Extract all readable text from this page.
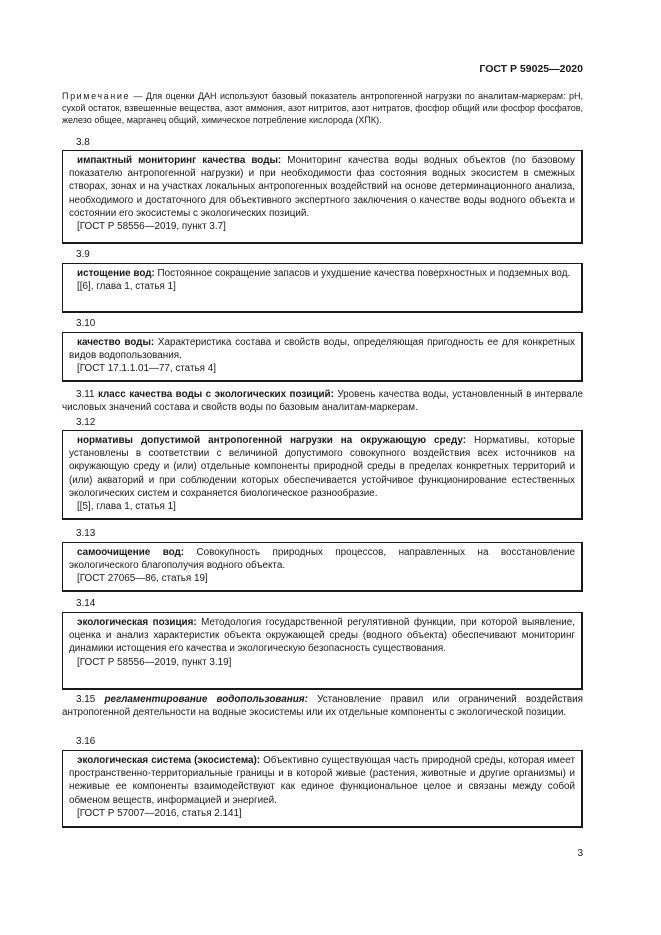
ГОСТ Р 59025—2020
Примечание — Для оценки ДАН используют базовый показатель антропогенной нагрузки по аналитам-маркерам: pH, сухой остаток, взвешенные вещества, азот аммония, азот нитритов, азот нитратов, фосфор общий или фосфор фосфатов, железо общее, марганец общий, химическое потребление кислорода (ХПК).
3.8

импактный мониторинг качества воды: Мониторинг качества воды водных объектов (по базовому показателю антропогенной нагрузки) и при необходимости фаз состояния водных экосистем в смежных створах, зонах и на участках локальных антропогенных воздействий на основе детерминационного анализа, необходимого и достаточного для объективного экспертного заключения о качестве воды водного объекта и состоянии его экосистемы с экологических позиций.

[ГОСТ Р 58556—2019, пункт 3.7]

3.9

истощение вод: Постоянное сокращение запасов и ухудшение качества поверхностных и подземных вод.

[[6], глава 1, статья 1]

3.10

качество воды: Характеристика состава и свойств воды, определяющая пригодность ее для конкретных видов водопользования.

[ГОСТ 17.1.1.01—77, статья 4]

3.11 класс качества воды с экологических позиций: Уровень качества воды, установленный в интервале числовых значений состава и свойств воды по базовым аналитам-маркерам.
3.12

нормативы допустимой антропогенной нагрузки на окружающую среду: Нормативы, которые установлены в соответствии с величиной допустимого совокупного воздействия всех источников на окружающую среду и (или) отдельные компоненты природной среды в пределах конкретных территорий и (или) акваторий и при соблюдении которых обеспечивается устойчивое функционирование естественных экологических систем и сохраняется биологическое разнообразие.

[[5], глава 1, статья 1]

3.13

самоочищение вод: Совокупность природных процессов, направленных на восстановление экологического благополучия водного объекта.

[ГОСТ 27065—86, статья 19]

3.14

экологическая позиция: Методология государственной регулятивной функции, при которой выявление, оценка и анализ характеристик объекта окружающей среды (водного объекта) обеспечивают мониторинг динамики истощения его качества и экологическую безопасность существования.

[ГОСТ Р 58556—2019, пункт 3.19]

3.15 регламентирование водопользования: Установление правил или ограничений воздействия антропогенной деятельности на водные экосистемы или их отдельные компоненты с экологической позиции.
3.16

экологическая система (экосистема): Объективно существующая часть природной среды, которая имеет пространственно-территориальные границы и в которой живые (растения, животные и другие организмы) и неживые ее компоненты взаимодействуют как единое функциональное целое и связаны между собой обменом веществ, информацией и энергией.

[ГОСТ Р 57007—2016, статья 2.141]

3
